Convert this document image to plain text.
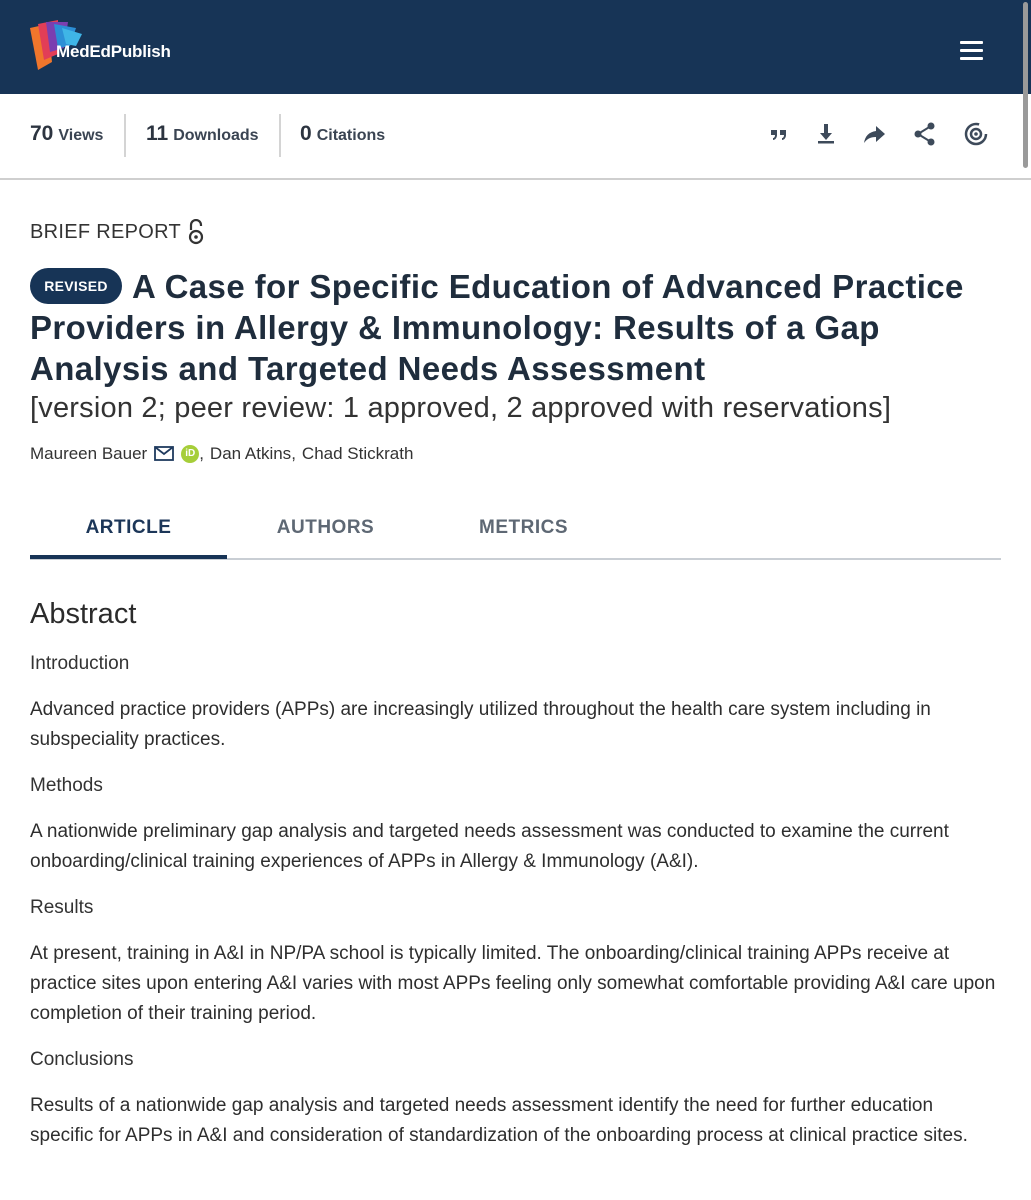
MedEdPublish
70 Views 11 Downloads 0 Citations
BRIEF REPORT
A Case for Specific Education of Advanced Practice Providers in Allergy & Immunology: Results of a Gap Analysis and Targeted Needs Assessment
REVISED
[version 2; peer review: 1 approved, 2 approved with reservations]
Maureen Bauer	iD , Dan Atkins , Chad Stickrath
ARTICLE	AUTHORS	METRICS
Abstract
Introduction
Advanced practice providers (APPs) are increasingly utilized throughout the health care system including in subspeciality practices.
Methods
A nationwide preliminary gap analysis and targeted needs assessment was conducted to examine the current onboarding/clinical training experiences of APPs in Allergy & Immunology (A&I).
Results
At present, training in A&I in NP/PA school is typically limited. The onboarding/clinical training APPs receive at practice sites upon entering A&I varies with most APPs feeling only somewhat comfortable providing A&I care upon completion of their training period.
Conclusions
Results of a nationwide gap analysis and targeted needs assessment identify the need for further education specific for APPs in A&I and consideration of standardization of the onboarding process at clinical practice sites.
